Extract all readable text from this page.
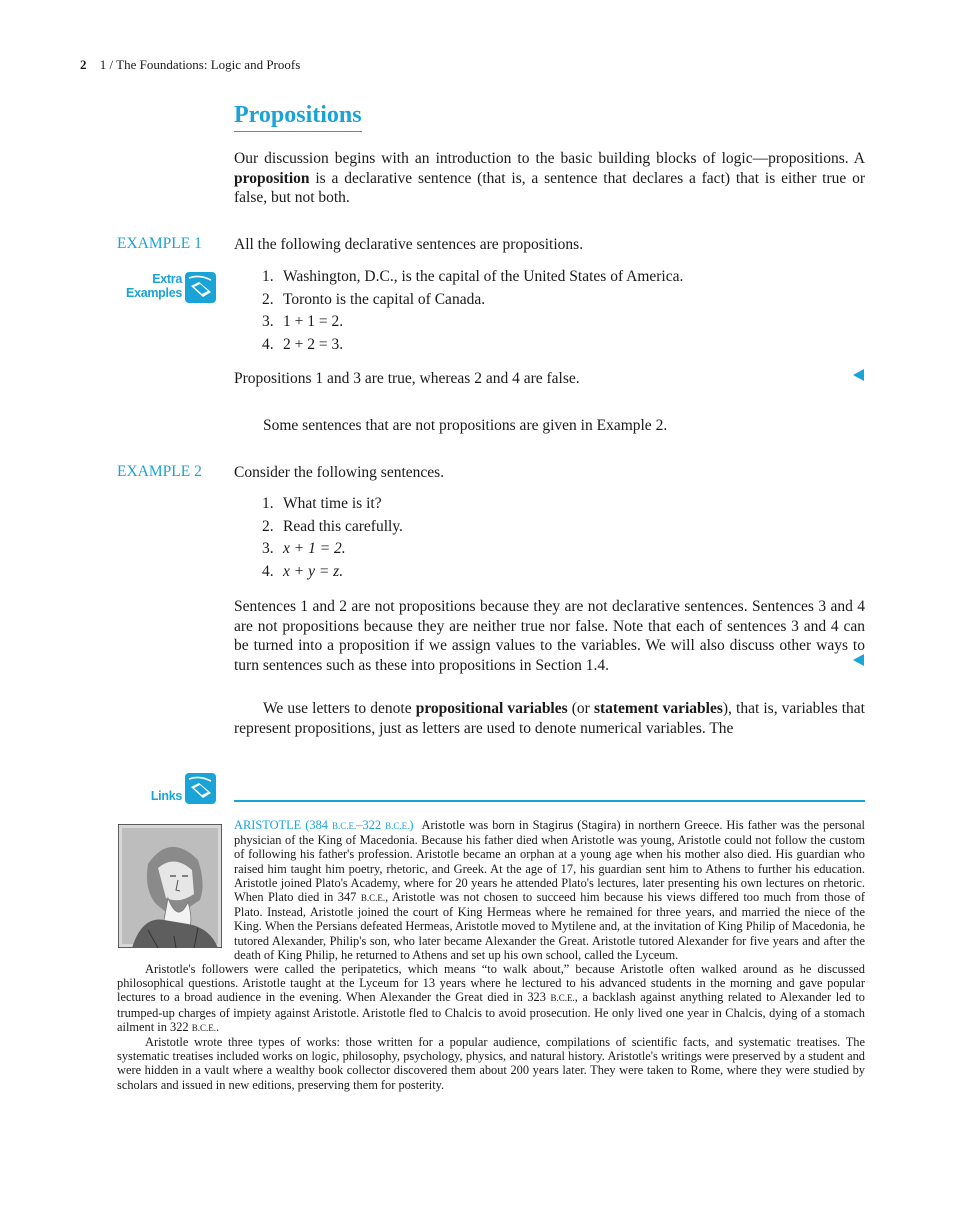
2 1 / The Foundations: Logic and Proofs
Propositions
Our discussion begins with an introduction to the basic building blocks of logic—propositions. A proposition is a declarative sentence (that is, a sentence that declares a fact) that is either true or false, but not both.
EXAMPLE 1	All the following declarative sentences are propositions.
Extra Examples
1. Washington, D.C., is the capital of the United States of America.
2. Toronto is the capital of Canada.
3. 1 + 1 = 2.
4. 2 + 2 = 3.
Propositions 1 and 3 are true, whereas 2 and 4 are false.
Some sentences that are not propositions are given in Example 2.
EXAMPLE 2	Consider the following sentences.
1. What time is it?
2. Read this carefully.
3. x + 1 = 2.
4. x + y = z.
Sentences 1 and 2 are not propositions because they are not declarative sentences. Sentences 3 and 4 are not propositions because they are neither true nor false. Note that each of sentences 3 and 4 can be turned into a proposition if we assign values to the variables. We will also discuss other ways to turn sentences such as these into propositions in Section 1.4.
We use letters to denote propositional variables (or statement variables), that is, variables that represent propositions, just as letters are used to denote numerical variables. The
Links

ARISTOTLE (384 B.C.E.–322 B.C.E.) Aristotle was born in Stagirus (Stagira) in northern Greece. His father was the personal physician of the King of Macedonia. Because his father died when Aristotle was young, Aristotle could not follow the custom of following his father's profession. Aristotle became an orphan at a young age when his mother also died. His guardian who raised him taught him poetry, rhetoric, and Greek. At the age of 17, his guardian sent him to Athens to further his education. Aristotle joined Plato's Academy, where for 20 years he attended Plato's lectures, later presenting his own lectures on rhetoric. When Plato died in 347 B.C.E., Aristotle was not chosen to succeed him because his views differed too much from those of Plato. Instead, Aristotle joined the court of King Hermeas where he remained for three years, and married the niece of the King. When the Persians defeated Hermeas, Aristotle moved to Mytilene and, at the invitation of King Philip of Macedonia, he tutored Alexander, Philip's son, who later became Alexander the Great. Aristotle tutored Alexander for five years and after the death of King Philip, he returned to Athens and set up his own school, called the Lyceum.

Aristotle's followers were called the peripatetics, which means “to walk about,” because Aristotle often walked around as he discussed philosophical questions. Aristotle taught at the Lyceum for 13 years where he lectured to his advanced students in the morning and gave popular lectures to a broad audience in the evening. When Alexander the Great died in 323 B.C.E., a backlash against anything related to Alexander led to trumped-up charges of impiety against Aristotle. Aristotle fled to Chalcis to avoid prosecution. He only lived one year in Chalcis, dying of a stomach ailment in 322 B.C.E..

Aristotle wrote three types of works: those written for a popular audience, compilations of scientific facts, and systematic treatises. The systematic treatises included works on logic, philosophy, psychology, physics, and natural history. Aristotle's writings were preserved by a student and were hidden in a vault where a wealthy book collector discovered them about 200 years later. They were taken to Rome, where they were studied by scholars and issued in new editions, preserving them for posterity.
